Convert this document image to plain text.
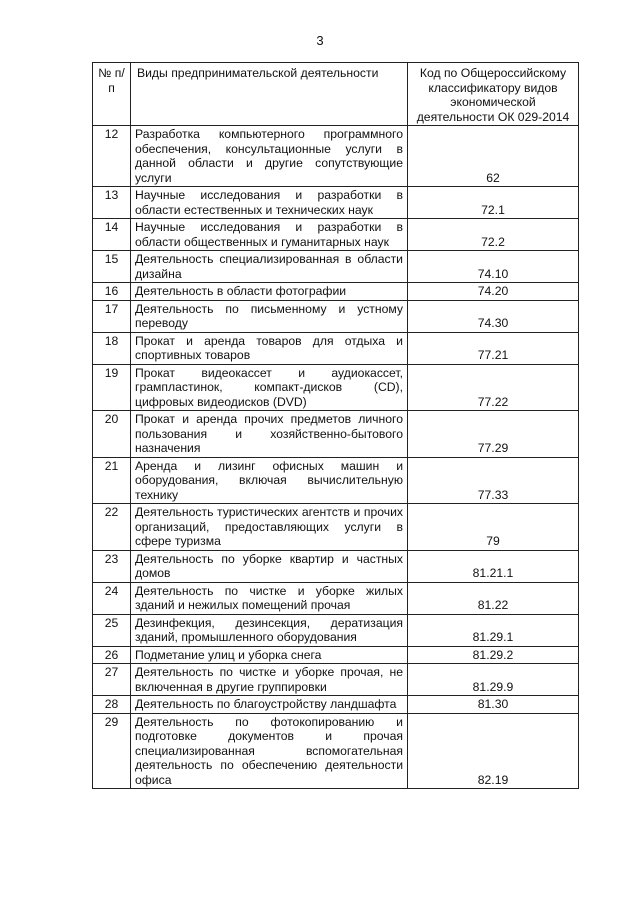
3
№ п/п	Виды предпринимательской деятельности	Код по Общероссийскому классификатору видов экономической деятельности ОК 029-2014
12	Разработка компьютерного программного обеспечения, консультационные услуги в данной области и другие сопутствующие услуги	62
13	Научные исследования и разработки в области естественных и технических наук	72.1
14	Научные исследования и разработки в области общественных и гуманитарных наук	72.2
15	Деятельность специализированная в области дизайна	74.10
16	Деятельность в области фотографии	74.20
17	Деятельность по письменному и устному переводу	74.30
18	Прокат и аренда товаров для отдыха и спортивных товаров	77.21
19	Прокат видеокассет и аудиокассет, грампластинок, компакт-дисков (CD), цифровых видеодисков (DVD)	77.22
20	Прокат и аренда прочих предметов личного пользования и хозяйственно-бытового назначения	77.29
21	Аренда и лизинг офисных машин и оборудования, включая вычислительную технику	77.33
22	Деятельность туристических агентств и прочих организаций, предоставляющих услуги в сфере туризма	79
23	Деятельность по уборке квартир и частных домов	81.21.1
24	Деятельность по чистке и уборке жилых зданий и нежилых помещений прочая	81.22
25	Дезинфекция, дезинсекция, дератизация зданий, промышленного оборудования	81.29.1
26	Подметание улиц и уборка снега	81.29.2
27	Деятельность по чистке и уборке прочая, не включенная в другие группировки	81.29.9
28	Деятельность по благоустройству ландшафта	81.30
29	Деятельность по фотокопированию и подготовке документов и прочая специализированная вспомогательная деятельность по обеспечению деятельности офиса	82.19
